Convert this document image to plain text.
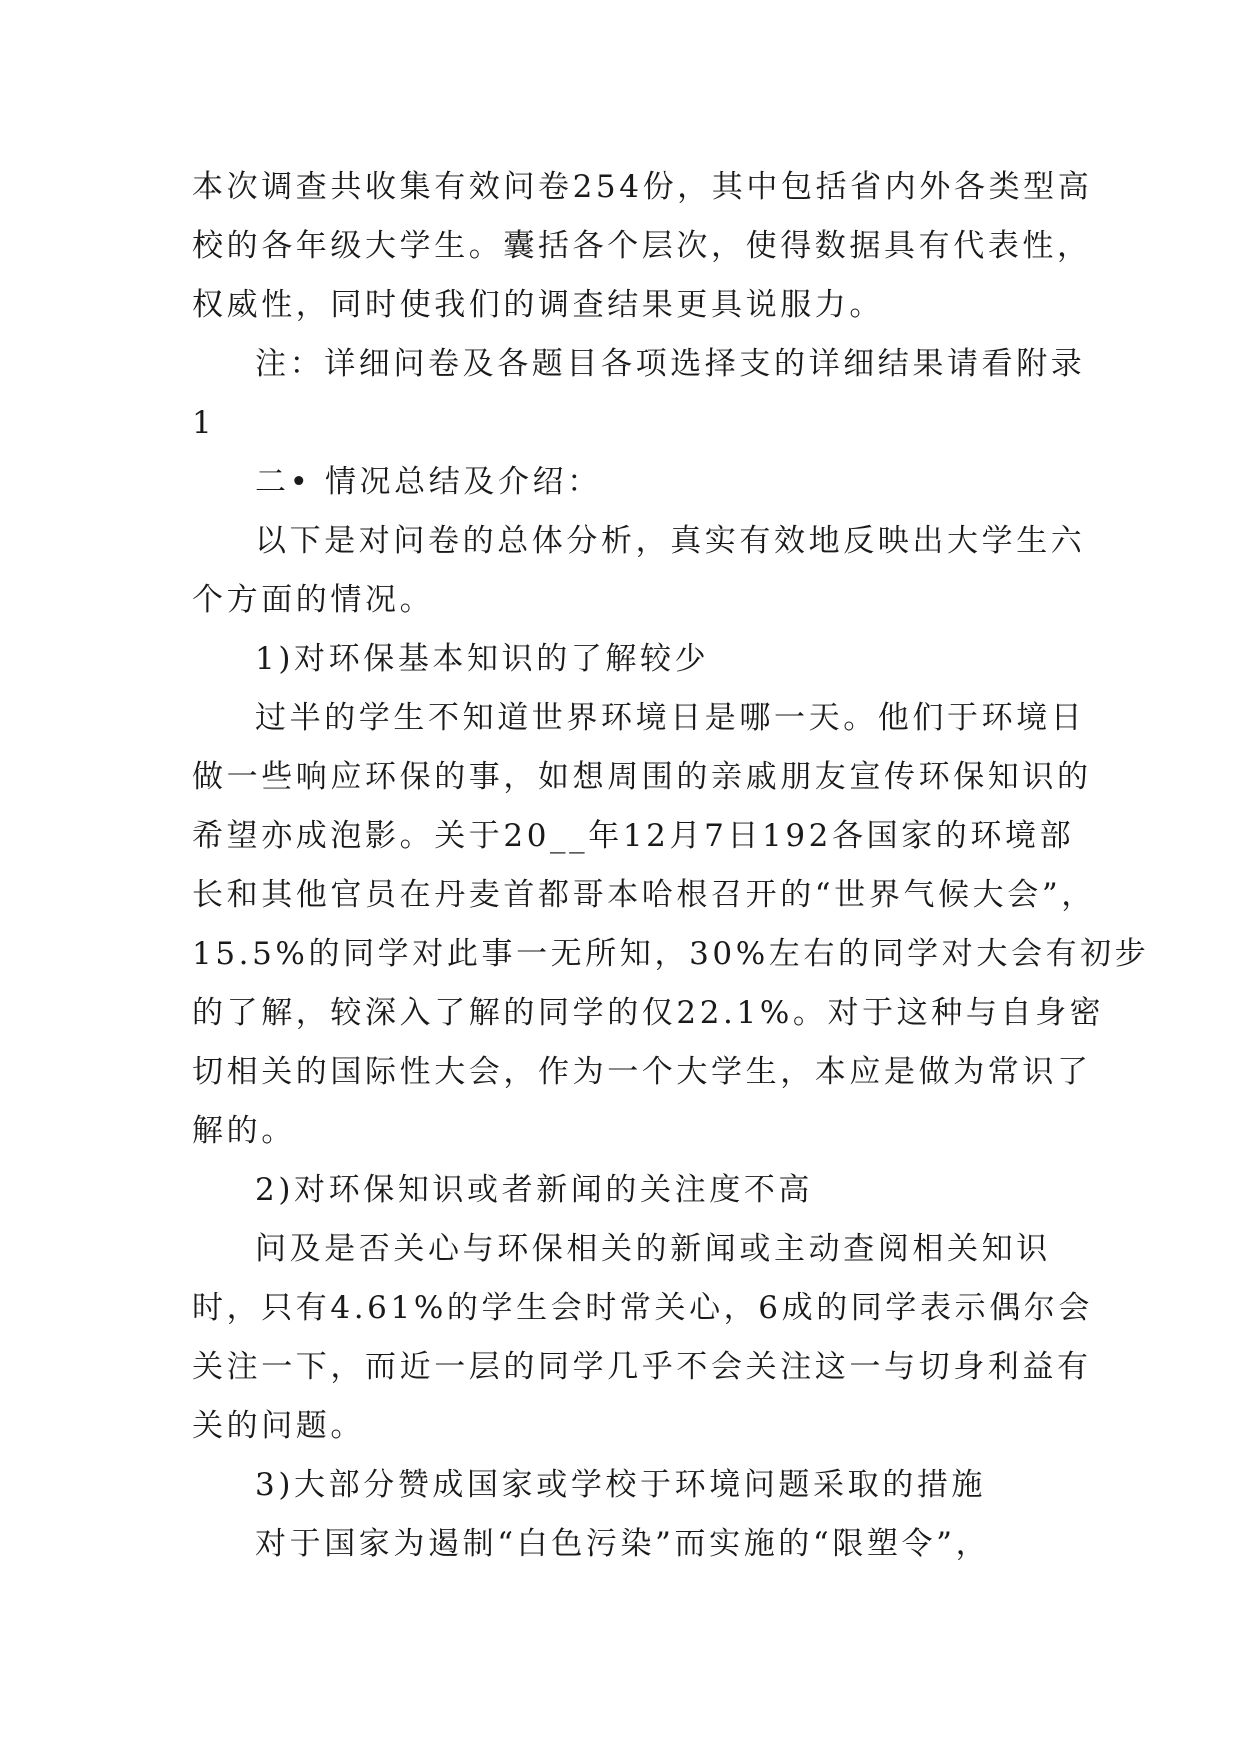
本次调查共收集有效问卷254份，其中包括省内外各类型高
校的各年级大学生。囊括各个层次，使得数据具有代表性，
权威性，同时使我们的调查结果更具说服力。
注：详细问卷及各题目各项选择支的详细结果请看附录
1
二• 情况总结及介绍：
以下是对问卷的总体分析，真实有效地反映出大学生六
个方面的情况。
1)对环保基本知识的了解较少
过半的学生不知道世界环境日是哪一天。他们于环境日
做一些响应环保的事，如想周围的亲戚朋友宣传环保知识的
希望亦成泡影。关于20__年12月7日192各国家的环境部
长和其他官员在丹麦首都哥本哈根召开的“世界气候大会”，
15.5%的同学对此事一无所知，30%左右的同学对大会有初步
的了解，较深入了解的同学的仅22.1%。对于这种与自身密
切相关的国际性大会，作为一个大学生，本应是做为常识了
解的。
2)对环保知识或者新闻的关注度不高
问及是否关心与环保相关的新闻或主动查阅相关知识
时，只有4.61%的学生会时常关心，6成的同学表示偶尔会
关注一下，而近一层的同学几乎不会关注这一与切身利益有
关的问题。
3)大部分赞成国家或学校于环境问题采取的措施
对于国家为遏制“白色污染”而实施的“限塑令”，
